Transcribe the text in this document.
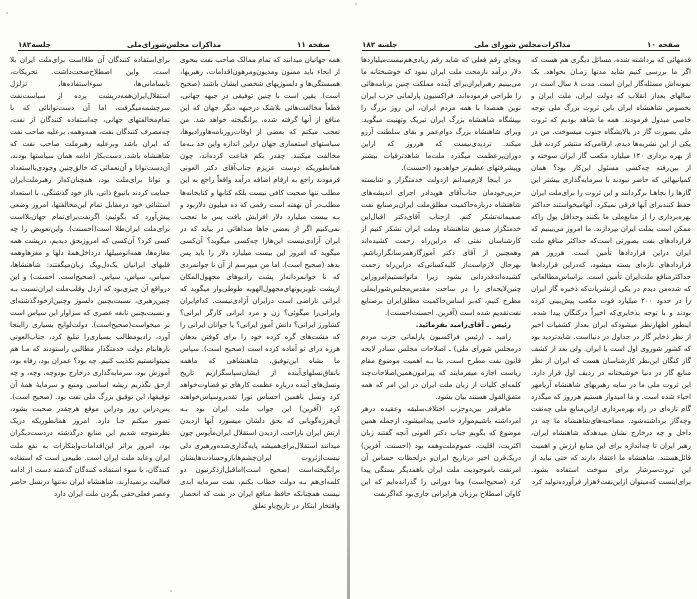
صفحه ۱۱
مذاکرات مجلس‌شورای‌ملی
جلسه۱۸۲

همه جهانیان میدانند که تمام ممالک صاحب نفت بنحوی از انحاء باید ممنون ومدیون‌ومرهون‌اقدامات، رهبریها، همبستگی‌ها و دلسوزیهای شخصی ایشان باشند (صحیح است). یقین است با چنین توفیقی در جبهه جهانی، قطعاً مخالفت‌هائی بلاشک درجبهه دیگر جهان که این منافع از آنها گرفته شده، برانگیخته خواهد شد. من تعجب میکنم که بعضی از اوقات‌روزنامه‌ها‌و‌رادیوها، سیاستهای استعماری جهان دراین اندازه واین حد بـه‌ما مخالفت میکنند. چقدر بکم قناعت کرده‌اند، چون همانطوریکه دوست عزیزم جناب‌آقای دکتر العونی فرمودند راجع به ارقام اضافه درآمد واقعاً راجع به این مطلب تنها صحبت کافی نیست بلکه کتابها و کتابخانه‌ها مطلب‌در آن نهفته است رقمی که ده میلیون دلاربود و بـه بیست میلیارد دلار افزایش یافت پس ما تعجب نمی‌کنیم اگر از بعضی جاها صداهائی در بیاید که در ایران آزادی‌نیست این‌هارا چه‌کسی میگوید؟ آن‌کسی میگوید که امروز این بیست میلیارد دلار را باید پس بدهد (صحیح است). اما من میپرسم از آن نا جوانمردی که نا جوانمردانه‌از پشت رادیوهای مجهول‌المکان ازپشت تلویزیونهای‌مجهول‌الهویه طوطی‌وار میگوید که ایرانی ناراضی است درایران آزادی‌نیست. کدام‌ایران وایرانی‌را میگوئی؟ زن و مرد ایرانی کارگر ایرانی؟ کشاورز ایرانی؟ دانش آموز ایرانی؟ یا جوانان ایرانی را که مشت‌های گره کرده خود را برای کوفتن بدهان هرزه درای تو آماده کرده است (صحیح است). سپاس ما بشاه این‌توفیق، شاهنشاهی که ماهمه باتفاق‌نسلهای‌آینده از ایشان‌سپاسگزاریم تاریخ ونسل‌های آینده درباره عظمت کارهای تو قضاوت‌خواهد کرد ونسل باهمین احساس تورا تقدیروسپاس‌خواهند کرد (آفرین) این جواب ملت ایران بود بـه آن‌هرزه‌گویانی که بحق دلشان میسوزد آنها ازدیدن ارتش ایران ناراحت، ازدیدن استقلال ایران‌مأیوس چون میدانند استقلال‌برای‌همیشه پایه‌گذاری‌شده‌و‌رهبری‌ دلی نیست‌ازثروت ایران‌چشم‌ها‌بازو‌حسادت‌هایشان برانگیخته‌است (صحیح است)اما‌قبل‌از‌ذکر‌نیون دو کلمه‌ای‌هم بـه دولت خطاب بکنم، نفت سرمایه ابدی نیست همچنانکه حافظ منافع ایران در نفت که انحصار وافتخار ابتکار در تاریخ‌باو تعلق

برای‌استفاده کنندگان آن طلااست برای‌ملت ایران بلا است، واین اصطلاح‌صحت‌داشت. تحریکات، نابسامانی‌ها، سوءاستفاده‌ها، تزلزل استقلال‌ایران‌همه‌درپشت پرده از سیاست‌نفت سرچشمه‌میگرفت، اما آن دست‌توانائی که با تمام‌مخالفتهای جهانی، چه‌استفاده کنندگان از نفت، چه‌مصرف کنندگان نفت، همه‌وهمه، برعلیه صاحب نفت که ایران باشد وبرعلیه رهبرملت صاحب نفت که شاهنشاه باشد، دست‌بکار ادامه همان سیاستها بودند، آن‌دست‌توانا و آن‌نعمائی که خالق‌چنین وجودی‌بااستعداد و توانا برای‌ملت بود، همچنان‌که‌از رهبرملت‌ایران حمایت کردند بانبوغ ذاتی، بااز خود گذشتگی، با استعداد استثنائی خود درمقابل تمام این‌مخالفتها، امروز وضعی پیش‌آورد که بگوئیم: اگرنفت‌برای‌تمام جهان‌بلااست برای‌ملت ایران‌طلا است‌(احسنت). واین‌تعویض را چه کسی کرد؟ آن‌کسی که امروز‌بحق دیدیم، درپشت همه مغازه‌ها، همه‌اتومبیلها، درداخل‌همۀ دلها و مغزها‌وهمه قلبهای ایرانیان یک‌دل‌ویک‌ زبان‌میگفتند: شاهنشاها، سپاس، سپاس، سپاس. (صحیح‌است. احسنت) و این درواقع آن چیزی‌بود که ازدل وقلب‌ملت ایران‌نسبت بـه چنین‌رهبری، نسبت‌بچنین دلسوز وچنین‌ازخودگذشته‌ای و نسبت‌بچنین نابغه عصری که سزاوار این سپاس است بر میخواست‌(صحیح‌است). دولت‌لوایح بسیاری رااینجا آورد، رادیو‌مطالب بسیاری‌را تبلیغ کرد، جناب‌العونی بارهابنام دولت خدمتگذار مطالبی راستودند که مـا هم نمیتوانستیم تکذیب کنیم. چه بود؟ عمران بود، رفاه بود، آموزش بود، سرمایه‌گذاری درخارج بودوچه، وچه، و چه ازحق نگذریم ریشه اساسی ومنبع و سرمایۀ همۀ آن توفیقها، این توفیق بزرگ ملی نفت بود. (صحیح است). پس‌دراین روز ودراین موقع هرچقدر صحبت بشود، تصور میکنم جـا دارد. امروز همانطوریکه دریک نظرمتوجه شدیم این منابع درگذشته دردست‌دیگران بود، امروز براثر این‌اقدامات‌وابتکارات به نفع ملت ایران وعاید ملت ایران است. طبیعی است که استفاده کنندگان، با سوء استفاده کنندگان گذشته دست از ادامه فعالیت برنمیدارند. شاهنشاه ایران نه‌تنها درنسل حاضر وعصر فعلی‌حقی بگردن ملت ایران دارد

صفحه ۱۰
مذاکرات‌مجلس شورای ملی
جلسه ۱۸۲

قدمهائی که برداشته شده، مسائل دیگری هم هست که اگر ما بررسی کنیم شاید مدتها زمـان بخواهد. یک نمونه‌اش مسئله‌گاز ایران است. مدت ۸ سال است در سالهای بعداز انقلاب که دولت ایران، ملت ایران و بخصوص شاهنشاه ایران باین ثروت بزرگ ملی توجه خاصی مبذول فرمودند. همه ما شاهد بودیم که ثروت ملی بصورت گاز در بالایشگاه جنوب میسوخت. من در یکی از این نشریه‌ها دیدم، ارقامی‌که منتشر کردند قبل از بهره برداری ۱۴۰ میلیارد مکعب گاز ایران سوخته و از بین‌رفته چه‌کسی مسئول این‌کار بود؟ همان کمپانیهائی که حاضر نبودند با سرمایه‌گذاری بیشتر این گازها را بجاهـا برگردانند و این ثروت را برای‌ملت ایران حفظ کنند‌برای آنها فرقی نمیکرد. آنهامیخواستند حداکثر بهره‌برداری را از منابع‌ملی ما بکنند وحداقل پول راکه ممکن است بملت ایران بپردازند. ما امروز می‌بینیم که قراردادهای نفت بصورتی است‌که حداکثر منافع ملت ایران دراین قراردادها تأمین است. هرروز هم قراردادهای تازه‌ای بسته میشود، که‌دراین قراردادها حداکثرمنافع ملت‌ایران تأمین است. براساس‌مطالعاتی که شده‌من دیدم در یکی ازنشریات‌که ذخیره گاز ایران را در حدود ۲۰۰ میلیارد فوت مکعب پیش‌بینی کرده بودند و با توجه بذخایری‌که اخیراً درکنگان پیدا شده. اینطور اظهارنظر میشودکه ایران بعداز کشفیات اخیر از نظر ذخایر گاز در جداول در دنیااست. شایدتردید بود که کشور شوروی اول است یا ایران. ولی بعد از کشف گاز کنگان این‌نظر کارشناسان هست که ایران از نظر منابع گاز در دنیا خوشبختانه در ردیف اول قرار دارد. این ثروت ملی ما در سایه رهبریهای شاهنشاه آریامهر احیاء شده است. و ما امیدوار هستیم هرروز که میگذرد گام تازه‌ای در راه بهره‌برداری ازاین‌منابع ملی چه‌نفت وچه‌گاز برداشته‌شود. مصاحبه‌های‌شاهنشاه ما چه در داخل و چه درخارج نشان میدهدکه شاهنشاه ایران، رهبر ایران تا چه‌اندازه برای این منابع ارزش و اهمیت قائل‌هستند. شاهنشاه ما اعتقاد دارند که حتی نباید از این ثروت‌سرشار برای سوخت استفاده بشود. برای‌اینست که‌میتوان ازاین‌نفت۶هزار فرآورده‌تولید کرد

وبجای رقم فعلی که شاید رقم زیادی‌هم‌نیست‌میلیاردها دلار درآمد نازمخت ملت ایران نمود که خوشبختانه ما می‌بینیم رهبر‌ایران‌برای آینده مملکت چنین برنامه‌هائی را طراحی فرموده‌اند. فراکسیون پارلمانی حزب ایران نوین همصدا با همه مردم ایران، این روز بزرگ را بپیشگاه شاهنشاه بزرگ ایران تبریک وتهنیت میگوید. وبرای شاهنشاه بزرگ دوام‌عمر و بقای سلطنت آرزو میکند. تردیدی‌نیست که هرروز که ازاین دوران‌پرعظمت میگذرد ملت‌ما شاهد‌ترقیات بیشتر وپیشرفتهای عظیم‌تر خواهدبود (احسنت).

در اینجا لازم‌میدانم ازدولت خدمتگزار و شایسته حزبی‌خودمان جناب‌آقای هویدادر اجرای اندیشه‌های شاهنشاه درباره‌حاکمیت مطلق‌ملت ایران‌برصنایع نفت صمیمانه‌تشکر کنم. ازجناب آقای‌دکتر اقبال‌این خدمتگزار صدیق شاهنشاه وملت ایران تشکر کنیم از کارشناسان نفتی که دراین‌راه زحمت کشیده‌اند وهمچنین از آقای دکتر آموزگار‌همرسانگر‌ارباشم. بهرحال لازم‌است‌از کلیه‌کسانی‌که دراین‌راه زحمت کشیده‌اندقدردانی بشود زیرا ما‌توانستیم‌امروز‌این چنین‌لایحه‌ای را در ساحت مقدس‌مجلس‌شورا‌یملی مطرح کنیم، که‌بر اساس‌حاکمیت مطلق‌ایران برصنایع نفت‌تقدیم شده است (آفرین. احسنت‌احسنت).

رئیس ـ آقای‌رامبد بفرمائید.

رامبد ـ (رئیس فراکسیون پارلمانی حزب مردم درمجلس شورای ملی) ـ اصلاحات مجلس سنادر لایحه قانون نفت مطرح است، بنا بـه اهمیت موضوع مقام ریاست اجازه میفرمایند که پیرامون‌همین‌اصلاحات‌چند کلمه‌ای کلیات از زبان ملت ایران در این امر که همه متفق‌القول هستند بیان بشود.

ماهرقدر بین‌دوحزب اختلاف‌سلیقه وعقیده درهر امرداشته باشیم‌موارد خاصی پیدامیشود، ازجمله همین موضوع که بگویم جناب دکتر العونی آنچه گفتند زبان اکثریت، اقلیت، عموم‌ملت‌وهمه بود (احسنت. آفرین) دریک‌قرن اخیر درتاریخ ایران‌و درلحظات حساس آن امرنفت باموجودیت ملت ایران باهمدیگر بستگی پیدا کرد (صحیح‌است) وما دورانی را گذرانده‌ایم که این کاوان اصطلاح برزبان هرایرانی جاری‌بود که‌اگر‌نفت
